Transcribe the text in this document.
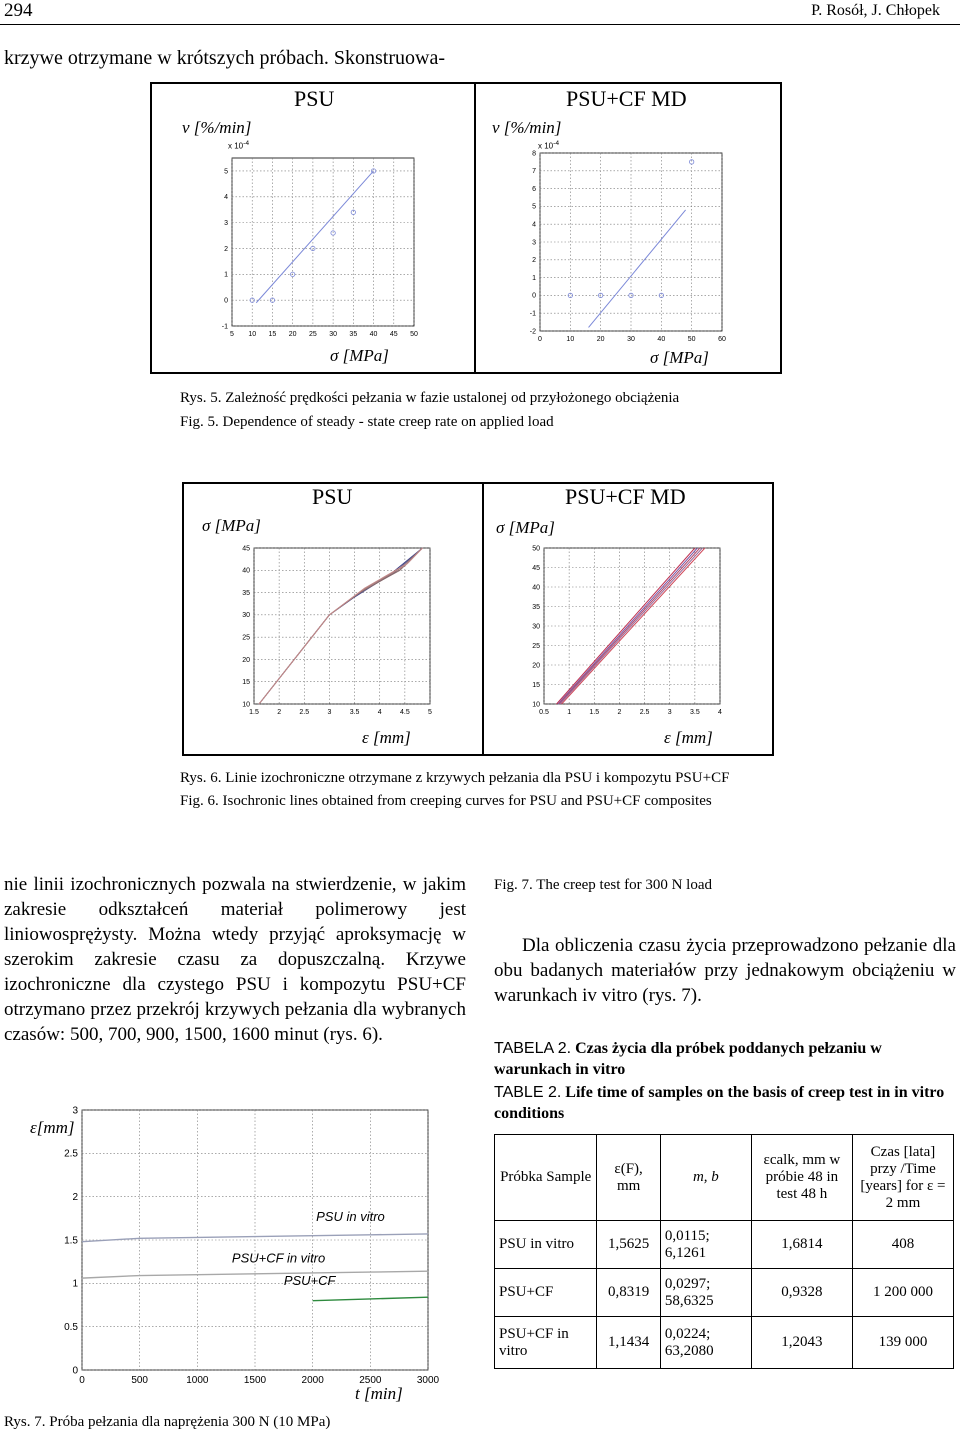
294	P. Rosół, J. Chłopek
krzywe otrzymane w krótszych próbach. Skonstruowa-
PSU	PSU+CF MD
v [%/min]	v [%/min]
x $10^{-4}$	x $10^{-4}$
5 10 15 20 25 30 35 40 45 50
-1
0
1
2
3
4
5
0	10	20	30	40	50	60
-2
-1
0
1
2
3
4
5
6
7
8
σ [MPa]	σ [MPa]
Rys. 5. Zależność prędkości pełzania w fazie ustalonej od przyłożonego obciążenia
Fig. 5. Dependence of steady - state creep rate on applied load
PSU	PSU+CF MD
σ [MPa]	σ [MPa]
1.5	2	2.5	3	3.5	4	4.5	5
10
15
20
25
30
35
40
45
0.5	1	1.5	2	2.5	3	3.5	4
10
15
20
25
30
35
40
45
50
ε [mm]	ε [mm]
Rys. 6. Linie izochroniczne otrzymane z krzywych pełzania dla PSU i kompozytu PSU+CF
Fig. 6. Isochronic lines obtained from creeping curves for PSU and PSU+CF composites
nie linii izochronicznych pozwala na stwierdzenie, w jakim zakresie odkształceń materiał polimerowy jest liniowosprężysty. Można wtedy przyjąć aproksymację w szerokim zakresie czasu za dopuszczalną. Krzywe izochroniczne dla czystego PSU i kompozytu PSU+CF otrzymano przez przekrój krzywych pełzania dla wybranych czasów: 500, 700, 900, 1500, 1600 minut (rys. 6).
ε[mm]
0	500	1000	1500	2000	2500	3000
0
0.5
1
1.5
2
2.5
3
PSU in vitro
PSU+CF in vitro
PSU+CF
t [min]
Rys. 7. Próba pełzania dla naprężenia 300 N (10 MPa)
Fig. 7. The creep test for 300 N load
Dla obliczenia czasu życia przeprowadzono pełzanie dla obu badanych materiałów przy jednakowym obciążeniu w warunkach iv vitro (rys. 7).
TABELA 2. Czas życia dla próbek poddanych pełzaniu w warunkach in vitro
TABLE 2. Life time of samples on the basis of creep test in in vitro conditions
Próbka Sample	ε(F), mm	m, b	εcalk, mm w próbie 48 in test 48 h	Czas [lata] przy /Time [years] for ε = 2 mm
PSU in vitro	1,5625	0,0115;
6,1261	1,6814	408
PSU+CF	0,8319	0,0297;
58,6325	0,9328	1 200 000
PSU+CF in vitro	1,1434	0,0224;
63,2080	1,2043	139 000
